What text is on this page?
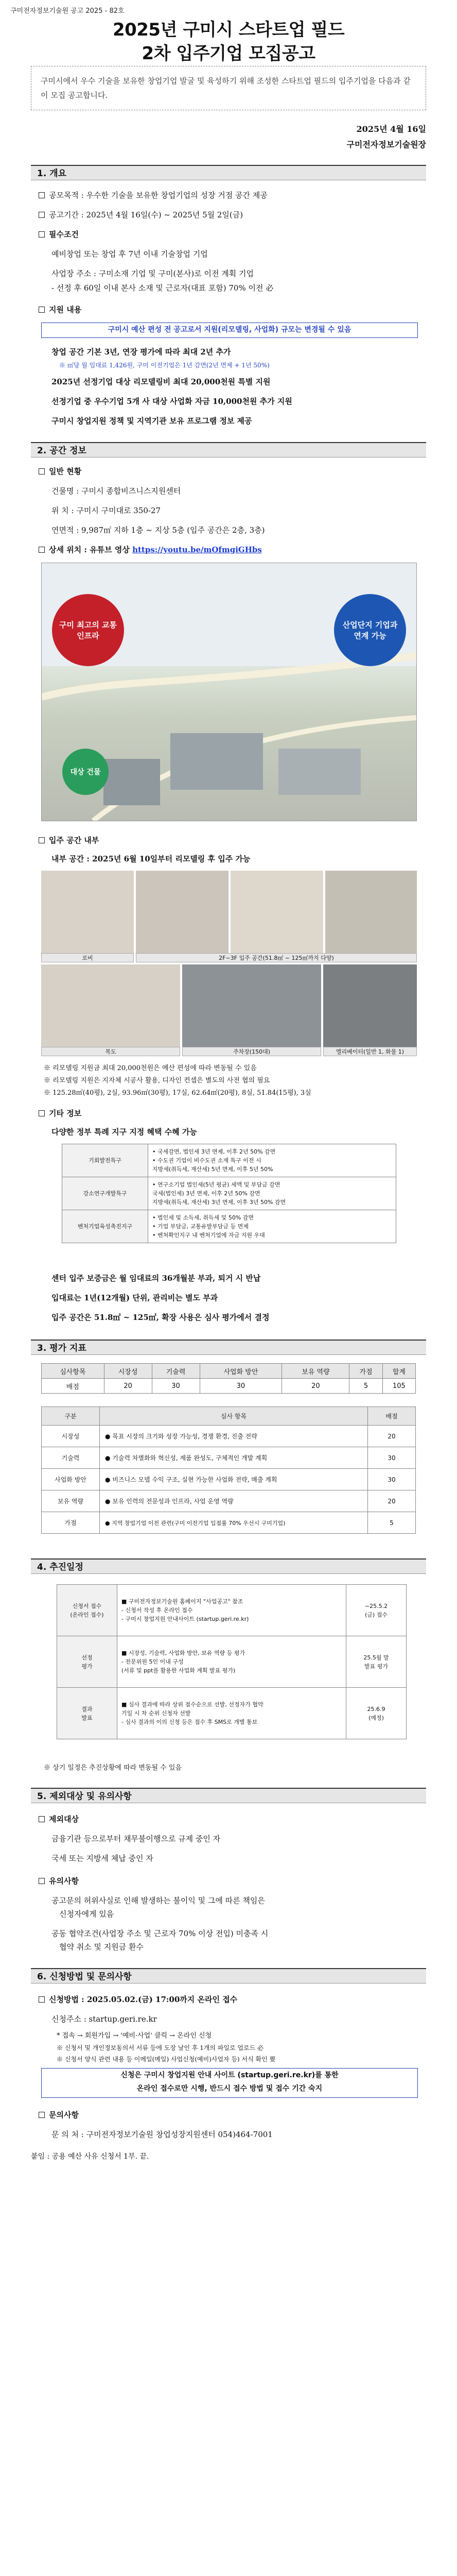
구미전자정보기술원 공고 2025 - 82호

2025년 구미시 스타트업 필드

2차 입주기업 모집공고

구미시에서 우수 기술을 보유한 창업기업 발굴 및 육성하기 위해 조성한 스타트업 필드의 입주기업을 다음과 같이 모집 공고합니다.
2025년 4월 16일
구미전자정보기술원장
1. 개요
공모목적 : 우수한 기술을 보유한 창업기업의 성장 거점 공간 제공
공고기간 : 2025년 4월 16일(수) ~ 2025년 5월 2일(금)
필수조건
예비창업 또는 창업 후 7년 이내 기술창업 기업
사업장 주소 : 구미소재 기업 및 구미(본사)로 이전 계획 기업
- 선정 후 60일 이내 본사 소재 및 근로자(대표 포함) 70% 이전 必
지원 내용
구미시 예산 편성 전 공고로서 지원(리모델링, 사업화) 규모는 변경될 수 있음
창업 공간 기본 3년, 연장 평가에 따라 최대 2년 추가
※ ㎡당 월 임대료 1,426원, 구미 이전기업은 1년 감면(2년 면제 + 1년 50%)
2025년 선정기업 대상 리모델링비 최대 20,000천원 특별 지원
선정기업 중 우수기업 5개 사 대상 사업화 자금 10,000천원 추가 지원
구미시 창업지원 정책 및 지역기관 보유 프로그램 정보 제공
2. 공간 정보
일반 현황
건물명 : 구미시 종합비즈니스지원센터
위 치 : 구미시 구미대로 350-27
연면적 : 9,987㎡ 지하 1층 ~ 지상 5층 (입주 공간은 2층, 3층)
상세 위치 : 유튜브 영상 https://youtu.be/mOfmgiGHbs
구미 최고의 교통 인프라
산업단지 기업과 연계 가능
대상 건물
입주 공간 내부
내부 공간 : 2025년 6월 10일부터 리모델링 후 입주 가능
로비	2F~3F 입주 공간(51.8㎡ ~ 125㎡까지 다양)
복도	주차장(150대)	엘리베이터(일반 1, 화물 1)
※ 리모델링 지원금 최대 20,000천원은 예산 편성에 따라 변동될 수 있음
※ 리모델링 지원은 지자체 시공사 활용, 디자인 컨셉은 별도의 사전 협의 필요
※ 125.28㎡(40평), 2실, 93.96㎡(30평), 17실, 62.64㎡(20평), 8실, 51.84(15평), 3실
기타 정보
다양한 정부 특례 지구 지정 혜택 수혜 가능
기회발전특구	• 국세감면, 법인세 3년 면제, 이후 2년 50% 감면
• 수도권 기업이 비수도권 소재 특구 이전 시
지방세(취득세, 재산세) 5년 면제, 이후 5년 50%
강소연구개발특구	• 연구소기업 법인세(5년 평균) 세액 및 부담금 감면
국세(법인세) 3년 면제, 이후 2년 50% 감면
지방세(취득세, 재산세) 3년 면제, 이후 3년 50% 감면
벤처기업육성촉진지구	• 법인세 및 소득세, 취득세 및 50% 감면
• 기업 부담금, 교통유발부담금 등 면제
• 벤처확인지구 내 벤처기업에 자금 지원 우대
센터 입주 보증금은 월 임대료의 36개월분 부과, 퇴거 시 반납
입대료는 1년(12개월) 단위, 관리비는 별도 부과
입주 공간은 51.8㎡ ~ 125㎡, 확장 사용은 심사 평가에서 결정
3. 평가 지표
심사항목	시장성	기술력	사업화 방안	보유 역량	가점	합계
배점	20	30	30	20	5	105
구분	심사 항목	배점
시장성	● 목표 시장의 크기와 성장 가능성, 경쟁 환경, 진출 전략	20
기술력	● 기술력 차별화와 혁신성, 제품 완성도, 구체적인 개발 계획	30
사업화 방안	● 비즈니스 모델 수익 구조, 실현 가능한 사업화 전략, 매출 계획	30
보유 역량	● 보유 인력의 전문성과 인프라, 사업 운영 역량	20
가점	● 지역 창업기업 이전 관련(구미 이전기업 입점률 70% 우선시 구미기업)	5
4. 추진일정
신청서 접수
(온라인 접수)	■ 구미전자정보기술원 홈페이지 "사업공고" 참조
- 신청서 작성 후 온라인 접수
- 구미시 창업지원 안내사이트 (startup.geri.re.kr)	~25.5.2
(금) 접수
선정
평가	■ 시장성, 기술력, 사업화 방안, 보유 역량 등 평가
- 전문위원 5인 이내 구성
(서류 및 ppt를 활용한 사업화 계획 발표 평가)	25.5월 말
발표 평가
결과
발표	■ 심사 결과에 따라 상위 점수순으로 선발, 선정자가 협약
기일 시 차 순위 신청자 선발
- 심사 결과의 이의 신청 등은 접수 후 SMS로 개별 통보	25.6.9
(예정)
※ 상기 일정은 추진상황에 따라 변동될 수 있음
5. 제외대상 및 유의사항
제외대상
금융기관 등으로부터 채무불이행으로 규제 중인 자
국세 또는 지방세 체납 중인 자
유의사항
공고문의 허위사실로 인해 발생하는 불이익 및 그에 따른 책임은
신청자에게 있음
공동 협약조건(사업장 주소 및 근로자 70% 이상 전입) 미충족 시
협약 취소 및 지원금 환수
6. 신청방법 및 문의사항
신청방법 : 2025.05.02.(금) 17:00까지 온라인 접수
신청주소 : startup.geri.re.kr
* 접속 → 회원가입 → '예비·사업' 클릭 → 온라인 신청
※ 신청서 및 개인정보동의서 서류 등에 도장 날인 후 1개의 파일로 업로드 必
※ 신청서 양식 관련 내용 등 이메일(메일) 사업신청(예비)사업자 등) 서식 확인 要
신청은 구미시 창업지원 안내 사이트 (startup.geri.re.kr)를 통한
온라인 접수로만 시행, 반드시 접수 방법 및 접수 기간 숙지
문의사항
문 의 처 : 구미전자정보기술원 창업성장지원센터 054)464-7001
붙임 : 공용 예산 사유 신청서 1부. 끝.
